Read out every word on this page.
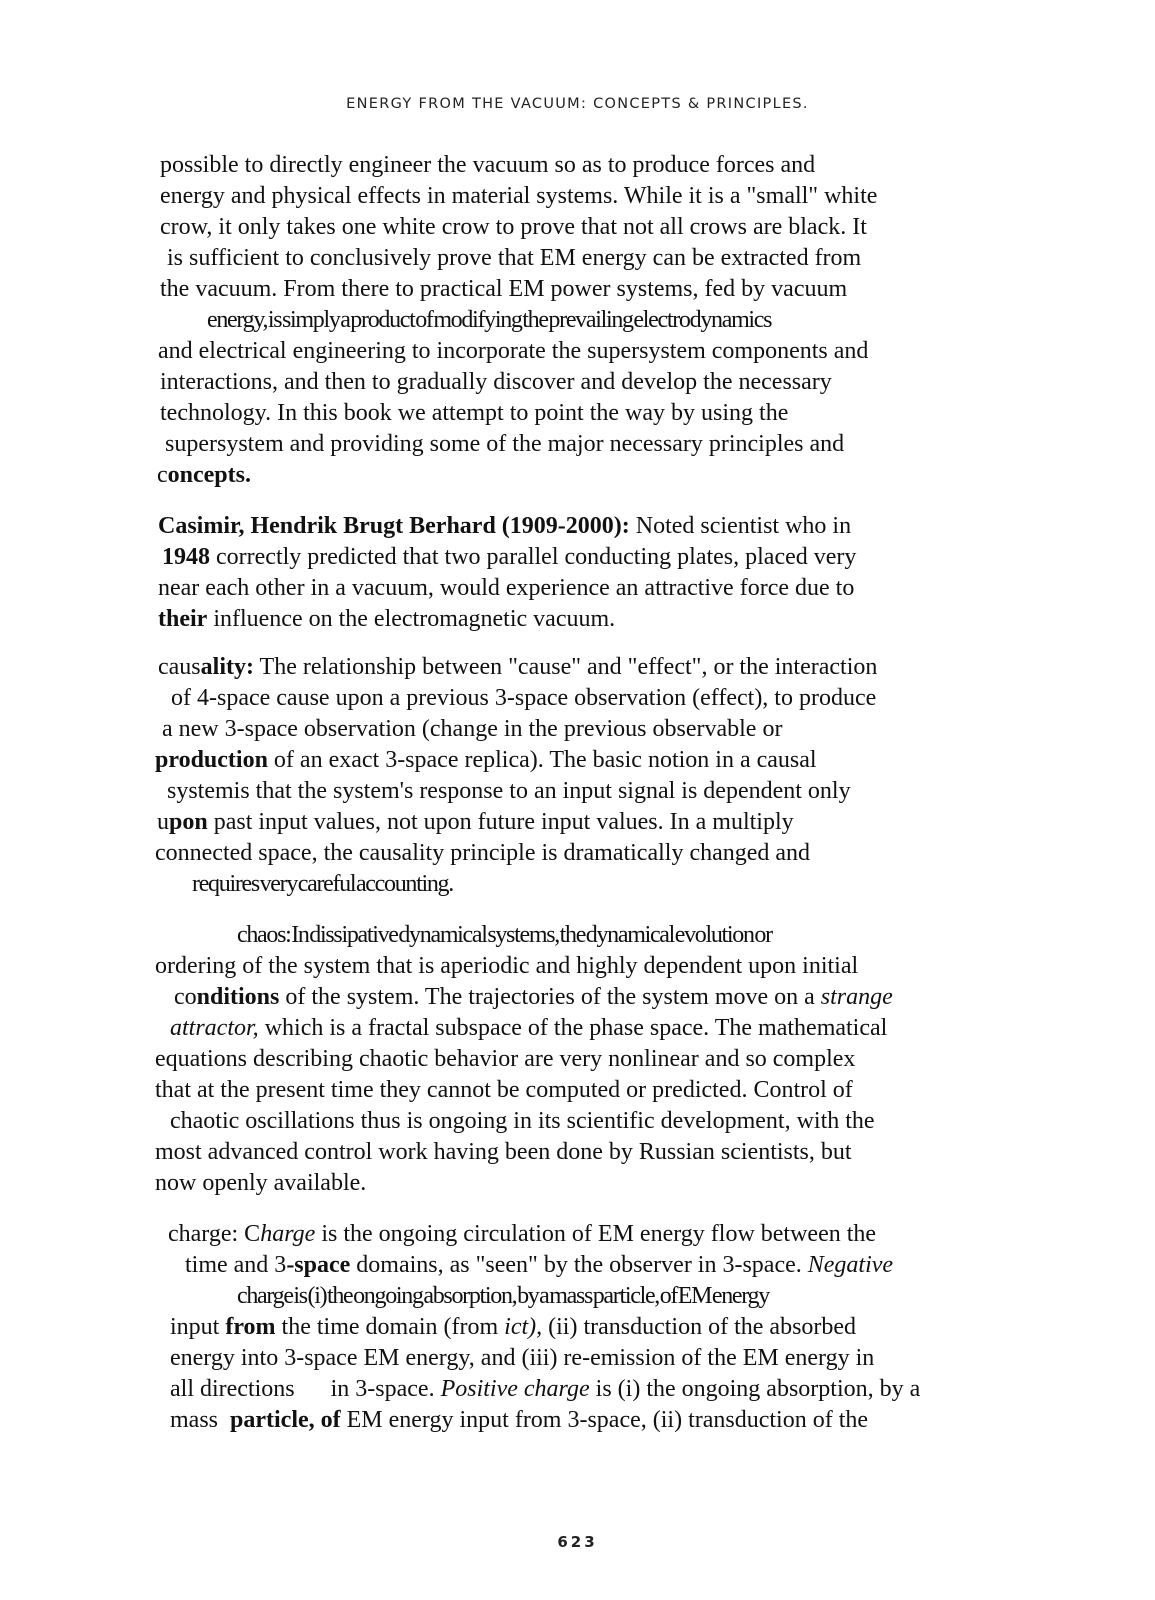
ENERGY FROM THE VACUUM: CONCEPTS & PRINCIPLES.
possible to directly engineer the vacuum so as to produce forces and
energy and physical effects in material systems. While it is a "small" white
crow, it only takes one white crow to prove that not all crows are black. It
is sufficient to conclusively prove that EM energy can be extracted from
the vacuum. From there to practical EM power systems, fed by vacuum
energy, is simply a product of modifying the prevailing electrodynamics
and electrical engineering to incorporate the supersystem components and
interactions, and then to gradually discover and develop the necessary
technology. In this book we attempt to point the way by using the
supersystem and providing some of the major necessary principles and
concepts.
Casimir, Hendrik Brugt Berhard (1909-2000): Noted scientist who in
1948 correctly predicted that two parallel conducting plates, placed very
near each other in a vacuum, would experience an attractive force due to
their influence on the electromagnetic vacuum.
causality: The relationship between "cause" and "effect", or the interaction
of 4-space cause upon a previous 3-space observation (effect), to produce
a new 3-space observation (change in the previous observable or
production of an exact 3-space replica). The basic notion in a causal
systemis that the system's response to an input signal is dependent only
upon past input values, not upon future input values. In a multiply
connected space, the causality principle is dramatically changed and
requires very careful accounting.
chaos: In dissipative dynamical systems, the dynamical evolution or
ordering of the system that is aperiodic and highly dependent upon initial
conditions of the system. The trajectories of the system move on a strange
attractor, which is a fractal subspace of the phase space. The mathematical
equations describing chaotic behavior are very nonlinear and so complex
that at the present time they cannot be computed or predicted. Control of
chaotic oscillations thus is ongoing in its scientific development, with the
most advanced control work having been done by Russian scientists, but
now openly available.
charge: Charge is the ongoing circulation of EM energy flow between the
time and 3-space domains, as "seen" by the observer in 3-space. Negative
charge is (i) the ongoing absorption, by a mass particle, of EM energy
input from the time domain (from ict), (ii) transduction of the absorbed
energy into 3-space EM energy, and (iii) re-emission of the EM energy in
all directions      in 3-space. Positive charge is (i) the ongoing absorption, by a
mass  particle, of EM energy input from 3-space, (ii) transduction of the
623
